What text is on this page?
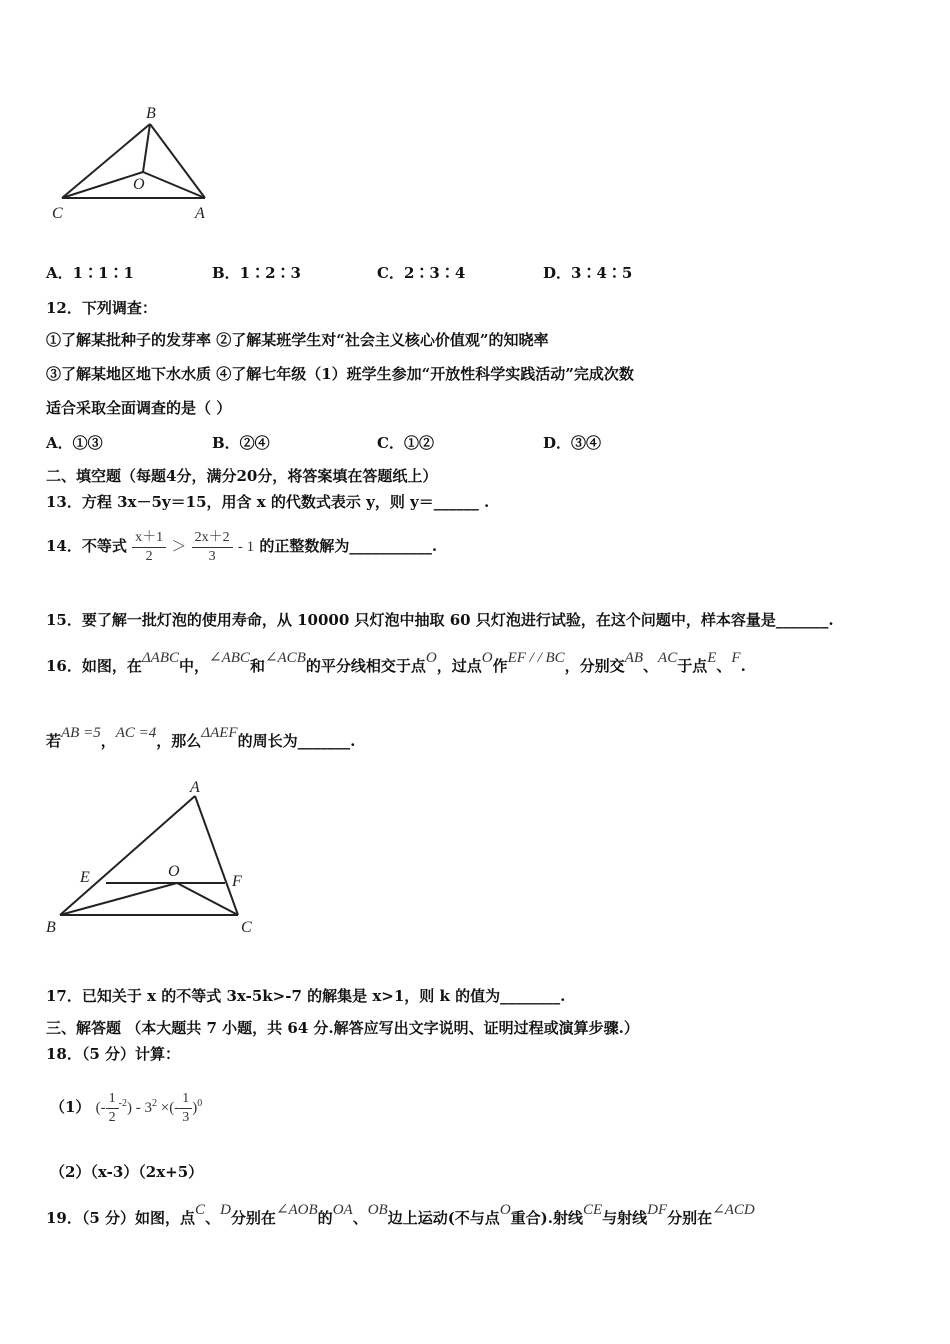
B
O
C	A
A．1∶1∶1	B．1∶2∶3	C．2∶3∶4	D．3∶4∶5
12．下列调查：
①了解某批种子的发芽率 ②了解某班学生对“社会主义核心价值观”的知晓率
③了解某地区地下水水质 ④了解七年级（1）班学生参加“开放性科学实践活动”完成次数
适合采取全面调查的是（ ）
A．①③	B．②④	C．①②	D．③④
二、填空题（每题4分，满分20分，将答案填在答题纸上）
13．方程 3x－5y＝15，用含 x 的代数式表示 y，则 y＝______ .
14．不等式 $\frac{x+1}{2} > \frac{2x+2}{3} - 1$ 的正整数解为___________.
15．要了解一批灯泡的使用寿命，从 10000 只灯泡中抽取 60 只灯泡进行试验，在这个问题中，样本容量是_______.
16．如图，在ΔABC中，∠ABC和∠ACB的平分线相交于点O，过点O作EF / / BC，分别交AB、AC于点E、F.
若AB =5，AC =4，那么ΔAEF的周长为_______.
A
E	O
F
B	C
17．已知关于 x 的不等式 3x-5k>-7 的解集是 x>1，则 k 的值为________.
三、解答题 （本大题共 7 小题，共 64 分.解答应写出文字说明、证明过程或演算步骤.）
18．（5 分）计算：
（1） (- $\frac{1}{2} ^{-2}) - 3^2$ ×(- $\frac{1}{3} )^0$
（2）（x-3）（2x+5）
19．（5 分）如图，点C、D分别在∠AOB的OA、OB边上运动(不与点O重合).射线CE与射线DF分别在∠ACD
